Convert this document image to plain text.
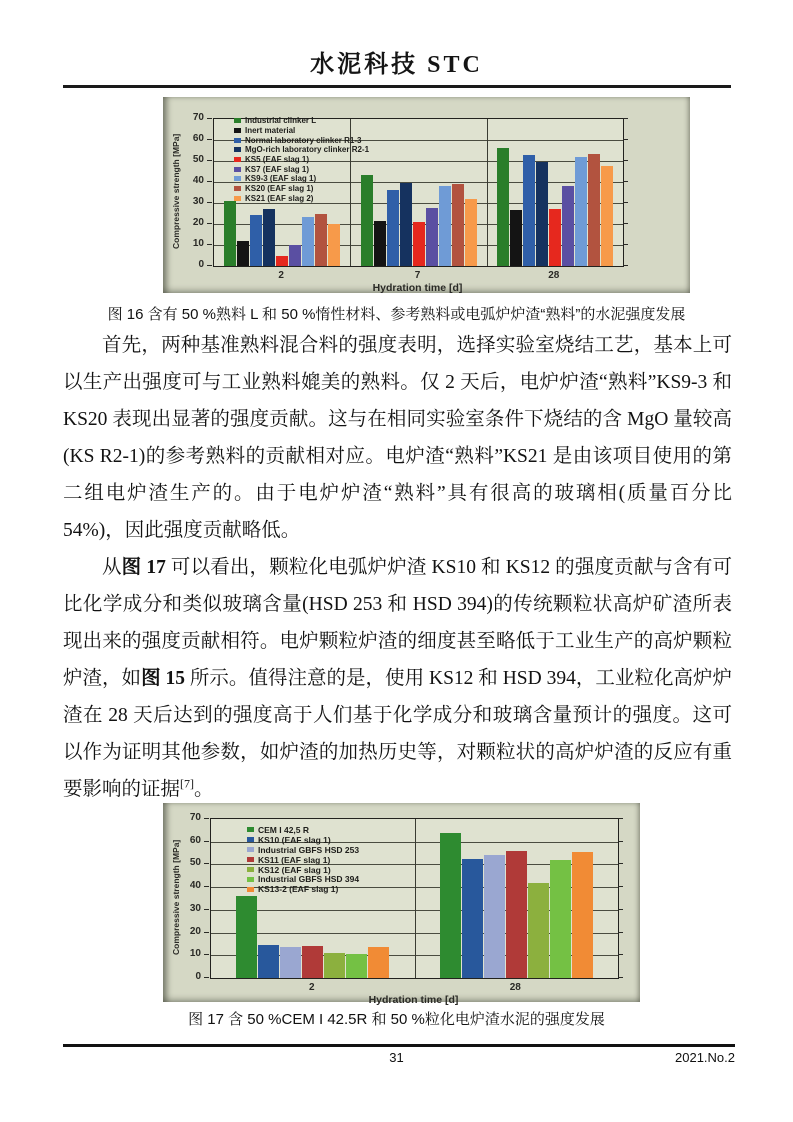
水泥科技 STC
Industrial clinker L
Inert material
Normal laboratory clinker R1-3
MgO-rich laboratory clinker R2-1
KS5 (EAF slag 1)
KS7 (EAF slag 1)
KS9-3 (EAF slag 1)
KS20 (EAF slag 1)
KS21 (EAF slag 2)
0
10
20
30
40
50
60
70
2	7	28
Hydration time [d]
Compressive strength [MPa]
图 16 含有 50 %熟料 L 和 50 %惰性材料、参考熟料或电弧炉炉渣“熟料”的水泥强度发展

首先，两种基准熟料混合料的强度表明，选择实验室烧结工艺，基本上可以生产出强度可与工业熟料媲美的熟料。仅 2 天后，电炉炉渣“熟料”KS9-3 和 KS20 表现出显著的强度贡献。这与在相同实验室条件下烧结的含 MgO 量较高(KS R2-1)的参考熟料的贡献相对应。电炉渣“熟料”KS21 是由该项目使用的第二组电炉渣生产的。由于电炉炉渣“熟料”具有很高的玻璃相(质量百分比 54%)，因此强度贡献略低。

从图 17 可以看出，颗粒化电弧炉炉渣 KS10 和 KS12 的强度贡献与含有可比化学成分和类似玻璃含量(HSD 253 和 HSD 394)的传统颗粒状高炉矿渣所表现出来的强度贡献相符。电炉颗粒炉渣的细度甚至略低于工业生产的高炉颗粒炉渣，如图 15 所示。值得注意的是，使用 KS12 和 HSD 394，工业粒化高炉炉渣在 28 天后达到的强度高于人们基于化学成分和玻璃含量预计的强度。这可以作为证明其他参数，如炉渣的加热历史等，对颗粒状的高炉炉渣的反应有重要影响的证据[7]。

CEM I 42,5 R
KS10 (EAF slag 1)
Industrial GBFS HSD 253
KS11 (EAF slag 1)
KS12 (EAF slag 1)
Industrial GBFS HSD 394
KS13-2 (EAF slag 1)
0
10
20
30
40
50
60
70
2	28
Hydration time [d]
Compressive strength [MPa]
图 17 含 50 %CEM I 42.5R 和 50 %粒化电炉渣水泥的强度发展
31	2021.No.2
